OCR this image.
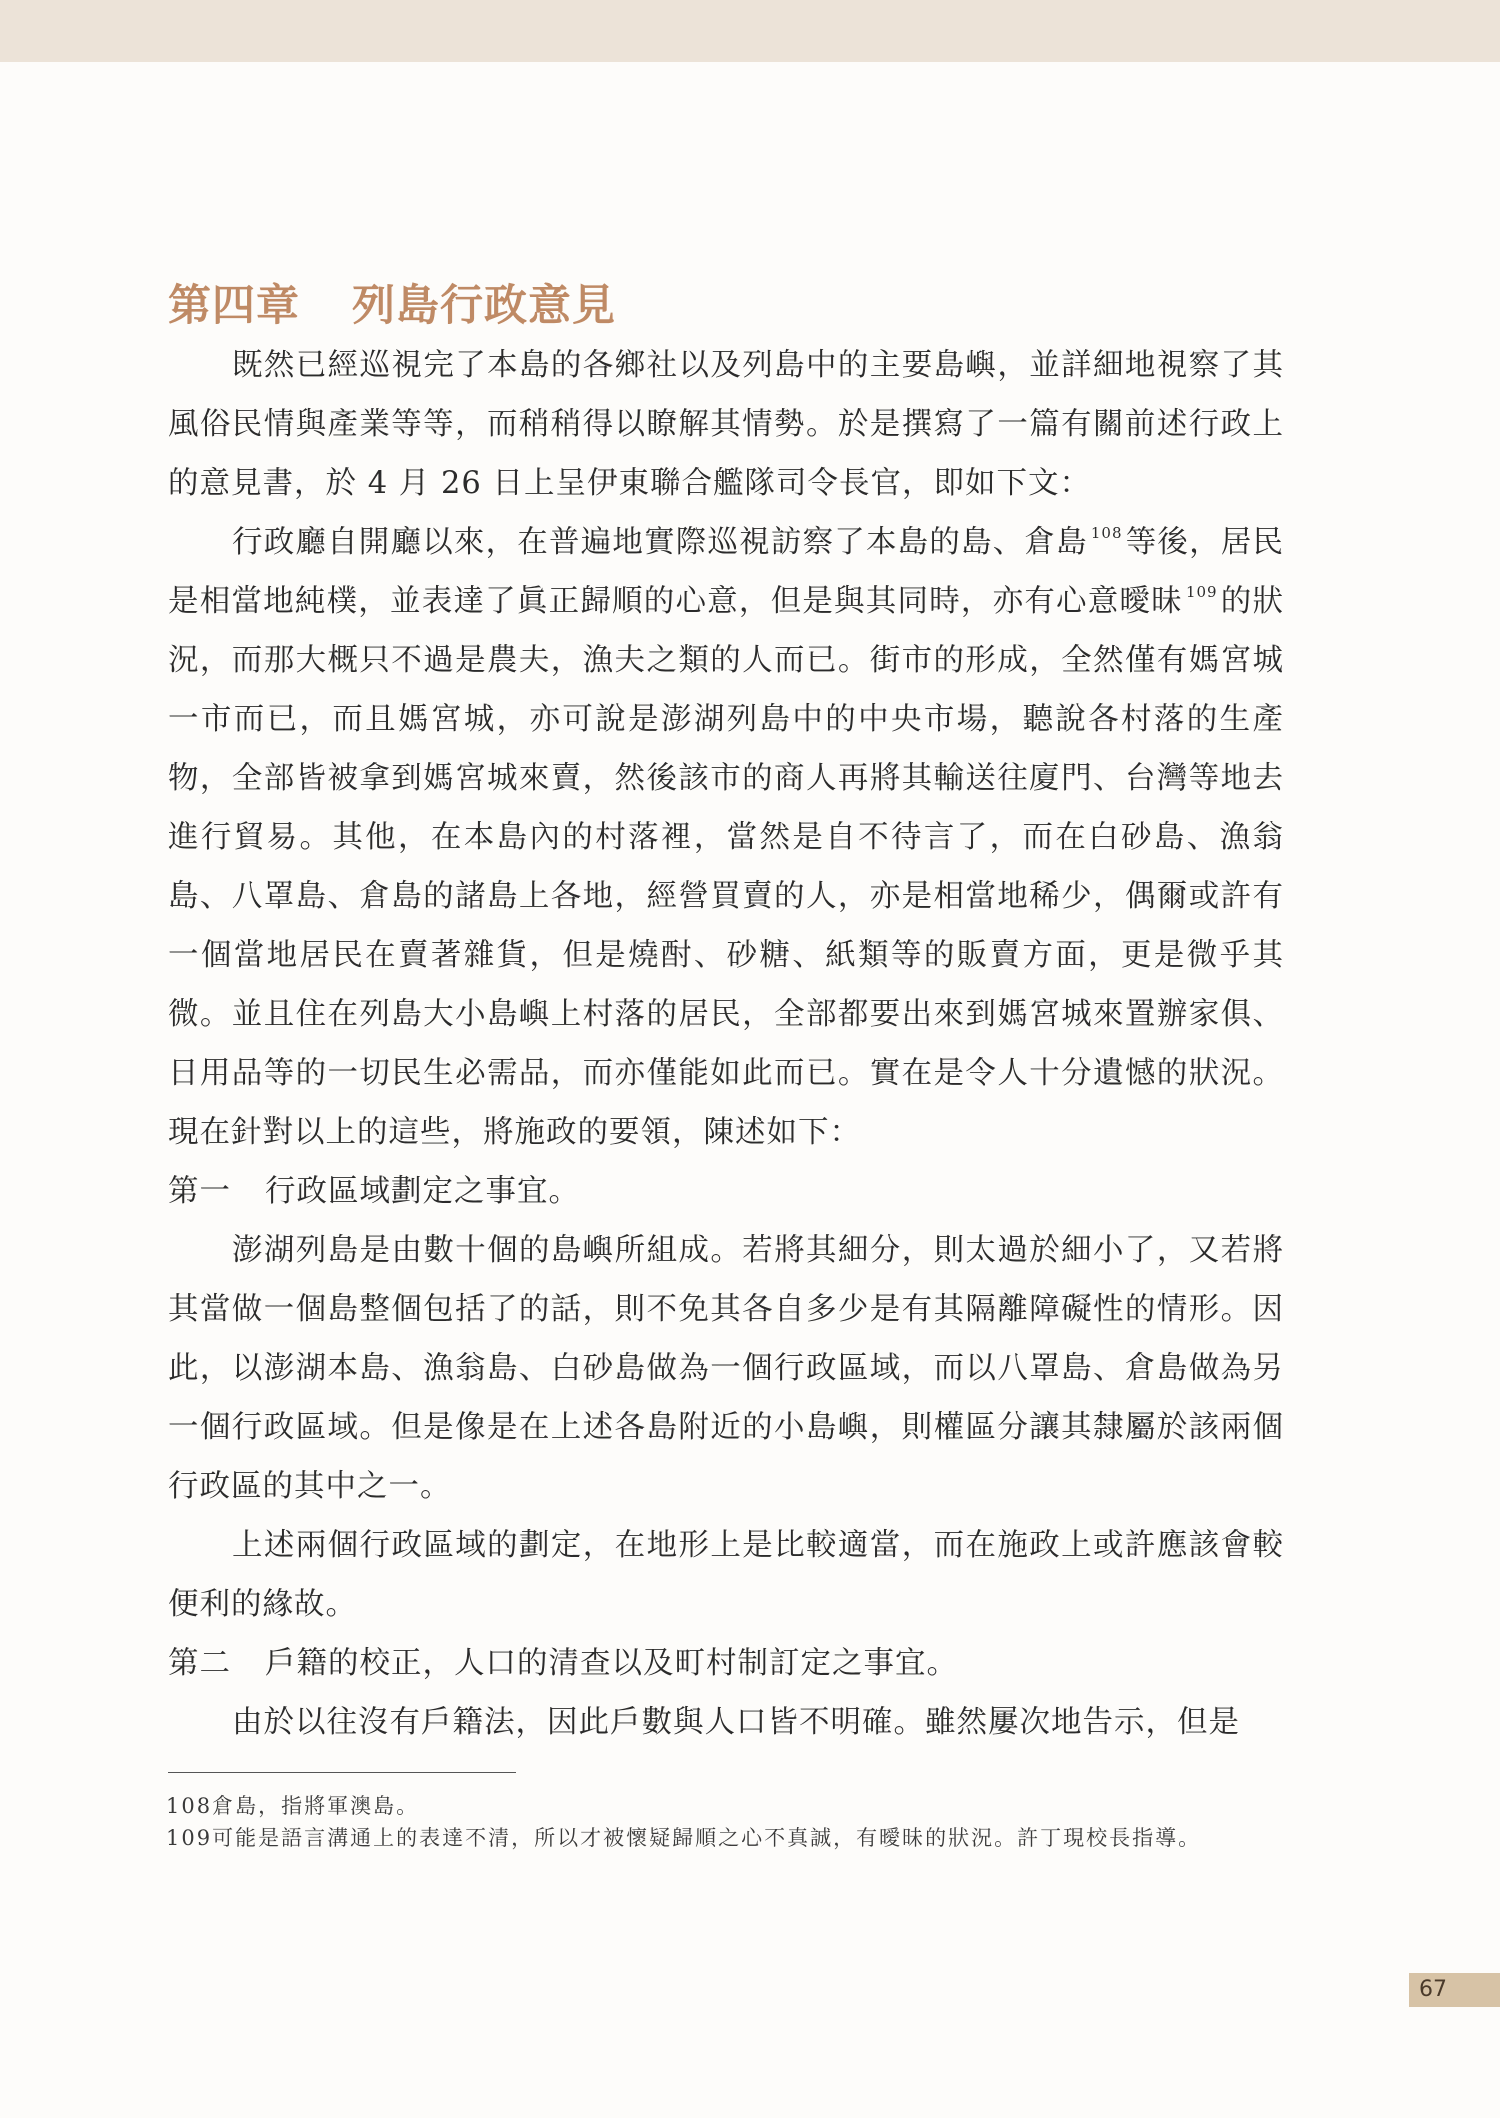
第四章 列島行政意見

既然已經巡視完了本島的各鄉社以及列島中的主要島嶼，並詳細地視察了其風俗民情與產業等等，而稍稍得以瞭解其情勢。於是撰寫了一篇有關前述行政上的意見書，於 4 月 26 日上呈伊東聯合艦隊司令長官，即如下文：

行政廳自開廳以來，在普遍地實際巡視訪察了本島的島、倉島 $^{108}$等後，居民是相當地純樸，並表達了眞正歸順的心意，但是與其同時，亦有心意曖昧 $^{109}$的狀況，而那大概只不過是農夫，漁夫之類的人而已。街市的形成，全然僅有媽宮城一市而已，而且媽宮城，亦可說是澎湖列島中的中央市場，聽說各村落的生產物，全部皆被拿到媽宮城來賣，然後該市的商人再將其輸送往廈門、台灣等地去進行貿易。其他，在本島內的村落裡，當然是自不待言了，而在白砂島、漁翁島、八罩島、倉島的諸島上各地，經營買賣的人，亦是相當地稀少，偶爾或許有一個當地居民在賣著雜貨，但是燒酎、砂糖、紙類等的販賣方面，更是微乎其微。並且住在列島大小島嶼上村落的居民，全部都要出來到媽宮城來置辦家俱、日用品等的一切民生必需品，而亦僅能如此而已。實在是令人十分遺憾的狀況。現在針對以上的這些，將施政的要領，陳述如下：

第一 行政區域劃定之事宜。

澎湖列島是由數十個的島嶼所組成。若將其細分，則太過於細小了，又若將其當做一個島整個包括了的話，則不免其各自多少是有其隔離障礙性的情形。因此，以澎湖本島、漁翁島、白砂島做為一個行政區域，而以八罩島、倉島做為另一個行政區域。但是像是在上述各島附近的小島嶼，則權區分讓其隸屬於該兩個行政區的其中之一。

上述兩個行政區域的劃定，在地形上是比較適當，而在施政上或許應該會較便利的緣故。

第二 戶籍的校正，人口的清查以及町村制訂定之事宜。

由於以往沒有戶籍法，因此戶數與人口皆不明確。雖然屢次地告示，但是

108倉島，指將軍澳島。

109可能是語言溝通上的表達不清，所以才被懷疑歸順之心不真誠，有曖昧的狀況。許丁現校長指導。

67
